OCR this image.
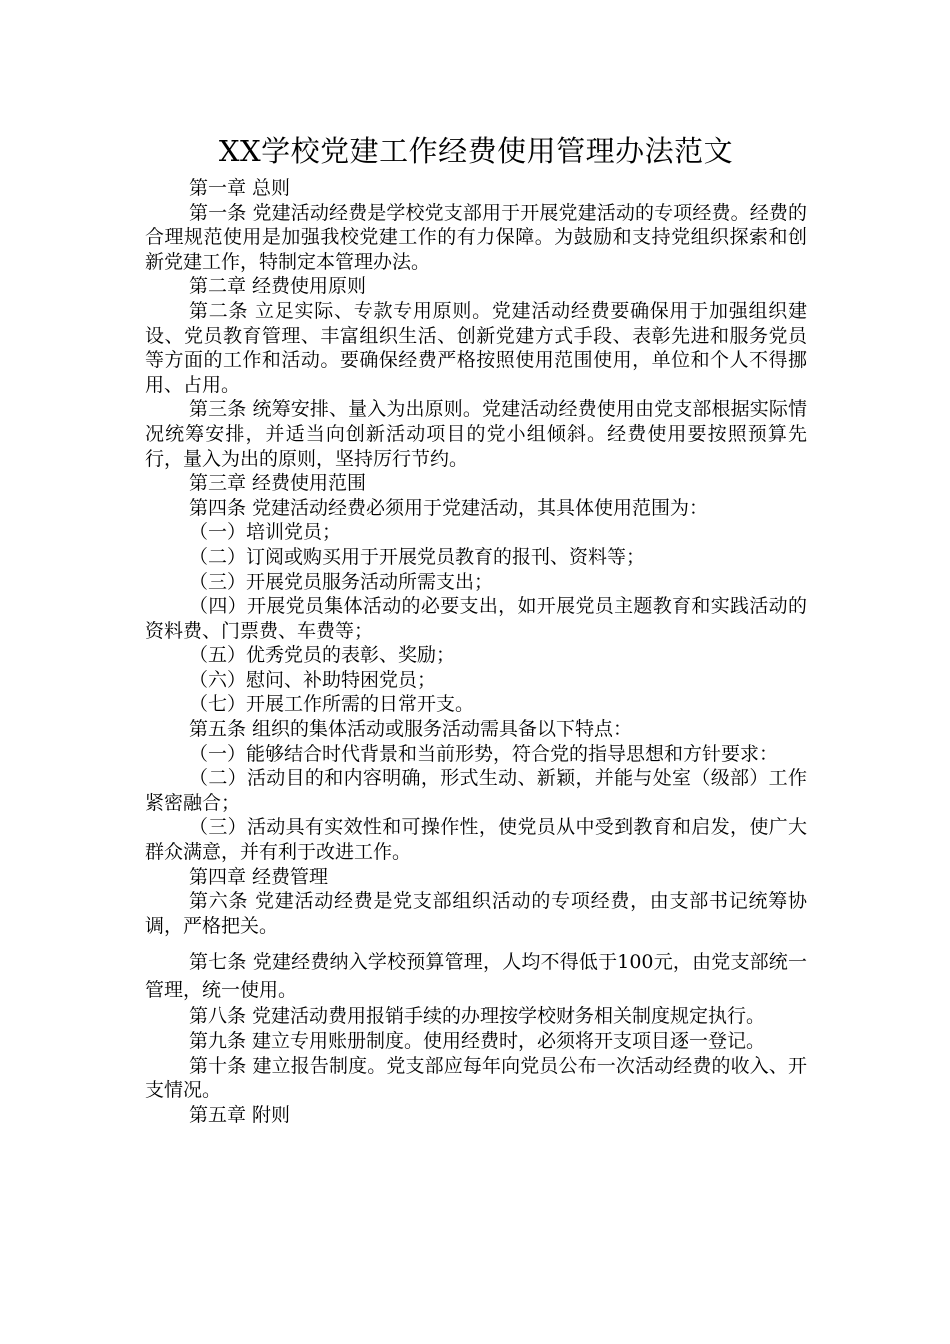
XX学校党建工作经费使用管理办法范文

第一章 总则

第一条 党建活动经费是学校党支部用于开展党建活动的专项经费。经费的合理规范使用是加强我校党建工作的有力保障。为鼓励和支持党组织探索和创新党建工作，特制定本管理办法。

第二章 经费使用原则

第二条 立足实际、专款专用原则。党建活动经费要确保用于加强组织建设、党员教育管理、丰富组织生活、创新党建方式手段、表彰先进和服务党员等方面的工作和活动。要确保经费严格按照使用范围使用，单位和个人不得挪用、占用。

第三条 统筹安排、量入为出原则。党建活动经费使用由党支部根据实际情况统筹安排，并适当向创新活动项目的党小组倾斜。经费使用要按照预算先行，量入为出的原则，坚持厉行节约。

第三章 经费使用范围

第四条 党建活动经费必须用于党建活动，其具体使用范围为：

（一）培训党员；

（二）订阅或购买用于开展党员教育的报刊、资料等；

（三）开展党员服务活动所需支出；

（四）开展党员集体活动的必要支出，如开展党员主题教育和实践活动的资料费、门票费、车费等；

（五）优秀党员的表彰、奖励；

（六）慰问、补助特困党员；

（七）开展工作所需的日常开支。

第五条 组织的集体活动或服务活动需具备以下特点：

（一）能够结合时代背景和当前形势，符合党的指导思想和方针要求：

（二）活动目的和内容明确，形式生动、新颖，并能与处室（级部）工作紧密融合；

（三）活动具有实效性和可操作性，使党员从中受到教育和启发，使广大群众满意，并有利于改进工作。

第四章 经费管理

第六条 党建活动经费是党支部组织活动的专项经费，由支部书记统筹协调，严格把关。

第七条 党建经费纳入学校预算管理，人均不得低于100元，由党支部统一管理，统一使用。

第八条 党建活动费用报销手续的办理按学校财务相关制度规定执行。

第九条 建立专用账册制度。使用经费时，必须将开支项目逐一登记。

第十条 建立报告制度。党支部应每年向党员公布一次活动经费的收入、开支情况。

第五章 附则
